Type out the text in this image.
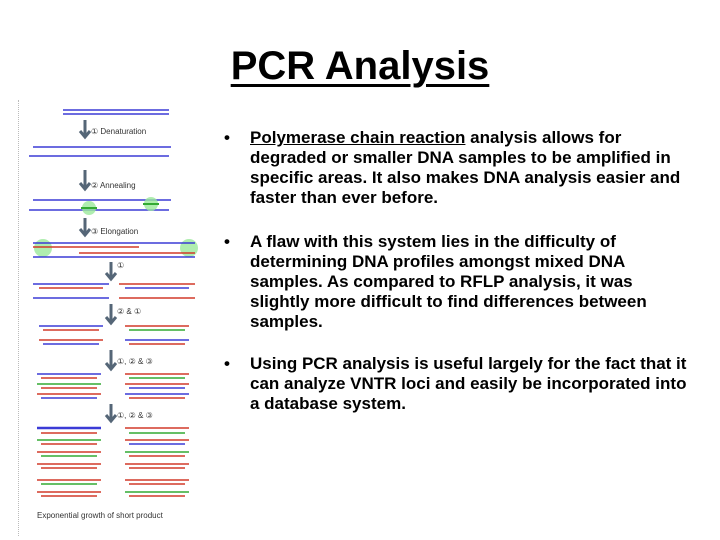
PCR Analysis
① Denaturation
② Annealing
③ Elongation
①
② & ①
①, ② & ③
①, ② & ③
Exponential growth of short product
• Polymerase chain reaction analysis allows for degraded or smaller DNA samples to be amplified in specific areas. It also makes DNA analysis easier and faster than ever before.
• A flaw with this system lies in the difficulty of determining DNA profiles amongst mixed DNA samples. As compared to RFLP analysis, it was slightly more difficult to find differences between samples.
• Using PCR analysis is useful largely for the fact that it can analyze VNTR loci and easily be incorporated into a database system.
